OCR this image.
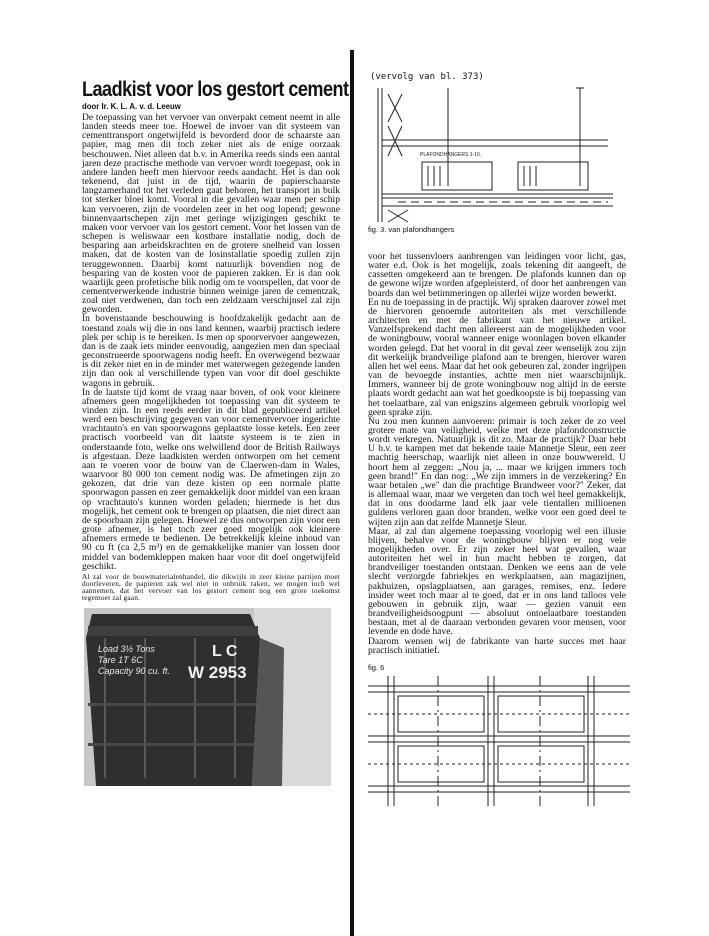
Laadkist voor los gestort cement
door Ir. K. L. A. v. d. Leeuw

De toepassing van het vervoer van onverpakt cement neemt in alle landen steeds meer toe. Hoewel de invoer van dit systeem van cementtransport ongetwijfeld is bevorderd door de schaarste aan papier, mag men dit toch zeker niet als de enige oorzaak beschouwen. Niet alleen dat b.v. in Amerika reeds sinds een aantal jaren deze practische methode van vervoer wordt toegepast, ook in andere landen heeft men hiervoor reeds aandacht. Het is dan ook tekenend, dat juist in de tijd, waarin de papierschaarste langzamerhand tot het verleden gaat behoren, het transport in bulk tot sterker bloei komt. Vooral in die gevallen waar men per schip kan vervoeren, zijn de voordelen zeer in het oog lopend; gewone binnenvaartschepen zijn met geringe wijzigingen geschikt te maken voor vervoer van los gestort cement. Voor het lossen van de schepen is weliswaar een kostbare installatie nodig, doch de besparing aan arbeidskrachten en de grotere snelheid van lossen maken, dat de kosten van de losinstallatie spoedig zullen zijn teruggewonnen. Daarbij komt natuurlijk bovendien nog de besparing van de kosten voor de papieren zakken. Er is dan ook waarlijk geen profetische blik nodig om te voorspellen, dat voor de cementverwerkende industrie binnen weinige jaren de cementzak, zoal niet verdwenen, dan toch een zeldzaam verschijnsel zal zijn geworden.

In bovenstaande beschouwing is hoofdzakelijk gedacht aan de toestand zoals wij die in ons land kennen, waarbij practisch iedere plek per schip is te bereiken. Is men op spoorvervoer aangewezen, dan is de zaak iets minder eenvoudig, aangezien men dan speciaal geconstrueerde spoorwagens nodig heeft. En overwegend bezwaar is dit zeker niet en in de minder met waterwegen gezegende landen zijn dan ook al verschillende typen van voor dit doel geschikte wagons in gebruik.

In de laatste tijd komt de vraag naar boven, of ook voor kleinere afnemers geen mogelijkheden tot toepassing van dit systeem te vinden zijn. In een reeds eerder in dit blad gepubliceerd artikel werd een beschrijving gegeven van voor cementvervoer ingerichte vrachtauto's en van spoorwagons geplaatste losse ketels. Een zeer practisch voorbeeld van dit laatste systeem is te zien in onderstaande foto, welke ons welwillend door de British Railways is afgestaan. Deze laadkisten werden ontworpen om het cement aan te voeren voor de bouw van de Claerwen-dam in Wales, waarvoor 80 000 ton cement nodig was. De afmetingen zijn zo gekozen, dat drie van deze kisten op een normale platte spoorwagon passen en zeer gemakkelijk door middel van een kraan op vrachtauto's kunnen worden geladen; hiermede is het dus mogelijk, het cement ook te brengen op plaatsen, die niet direct aan de spoorbaan zijn gelegen. Hoewel ze dus ontworpen zijn voor een grote afnemer, is het toch zeer goed mogelijk ook kleinere afnemers ermede te bedienen. De betrekkelijk kleine inhoud van 90 cu ft (ca 2,5 m³) en de gemakkelijke manier van lossen door middel van bodemkleppen maken haar voor dit doel ongetwijfeld geschikt.

Al zal voor de bouwmaterialenhandel, die dikwijls in zeer kleine partijen moet doorleveren, de papieren zak wel niet in onbruik raken, we mogen toch wel aannemen, dat het vervoer van los gestort cement nog een grote toekomst tegemoet zal gaan.

Load 3½ Tons
Tare 1T 6C
Capacity 90 cu. ft.
L C
W 2953
(vervolg van bl. 373)
PLAFONDHANGERS 1-10.
fig. 3. van plafondhangers

voor het tussenvloers aanbrengen van leidingen voor licht, gas, water e.d. Ook is het mogelijk, zoals tekening dit aangeeft, de cassetten omgekeerd aan te brengen. De plafonds kunnen dan op de gewone wijze worden afgepleisterd, of door het aanbrengen van boards dan wel betimmeringen op allerlei wijze worden bewerkt.

En nu de toepassing in de practijk. Wij spraken daarover zowel met de hiervoren genoemde autoriteiten als met verschillende architecten en met de fabrikant van het nieuwe artikel. Vanzelfsprekend dacht men allereerst aan de mogelijkheden voor de woningbouw, vooral wanneer enige woonlagen boven elkander worden gelegd. Dat het vooral in dit geval zeer wenselijk zou zijn dit werkelijk brandveilige plafond aan te brengen, hierover waren allen het wel eens. Maar dat het ook gebeuren zal, zonder ingrijpen van de bevoegde instanties, achtte men niet waarschijnlijk. Immers, wanneer bij de grote woningbouw nog altijd in de eerste plaats wordt gedacht aan wat het goedkoopste is bij toepassing van het toelaatbare, zal van enigszins algemeen gebruik voorlopig wel geen sprake zijn.

Nu zou men kunnen aanvoeren: primair is toch zeker de zo veel grotere mate van veiligheid, welke met deze plafondconstructie wordt verkregen. Natuurlijk is dit zo. Maar de practijk? Daar hebt U b.v. te kampen met dat bekende taaie Mannetje Sleur, een zeer machtig heerschap, waarlijk niet alleen in onze bouwwereld. U hoort hem al zeggen: „Nou ja, ... maar we krijgen immers toch geen brand!" En dan nog: „We zijn immers in de verzekering? En waar betalen „we" dan die prachtige Brandweer voor?" Zeker, dat is allemaal waar, maar we vergeten dan toch wel heel gemakkelijk, dat in ons doodarme land elk jaar vele tientallen millioenen guldens verloren gaan door branden, welke voor een goed deel te wijten zijn aan dat zelfde Mannetje Sleur.

Maar, al zal dan algemene toepassing voorlopig wel een illusie blijven, behalve voor de woningbouw blijven er nog vele mogelijkheden over. Er zijn zeker heel wat gevallen, waar autoriteiten het wel in hun macht hebben te zorgen, dat brandveiliger toestanden ontstaan. Denken we eens aan de vele slecht verzorgde fabriekjes en werkplaatsen, aan magazijnen, pakhuizen, opslagplaatsen, aan garages, remises, enz. Iedere insider weet toch maar al te goed, dat er in ons land talloos vele gebouwen in gebruik zijn, waar — gezien vanuit een brandveiligheidsoogpunt — absoluut ontoelaatbare toestanden bestaan, met al de daaraan verbonden gevaren voor mensen, voor levende en dode have.

Daarom wensen wij de fabrikante van harte succes met haar practisch initiatief.

fig. 6
